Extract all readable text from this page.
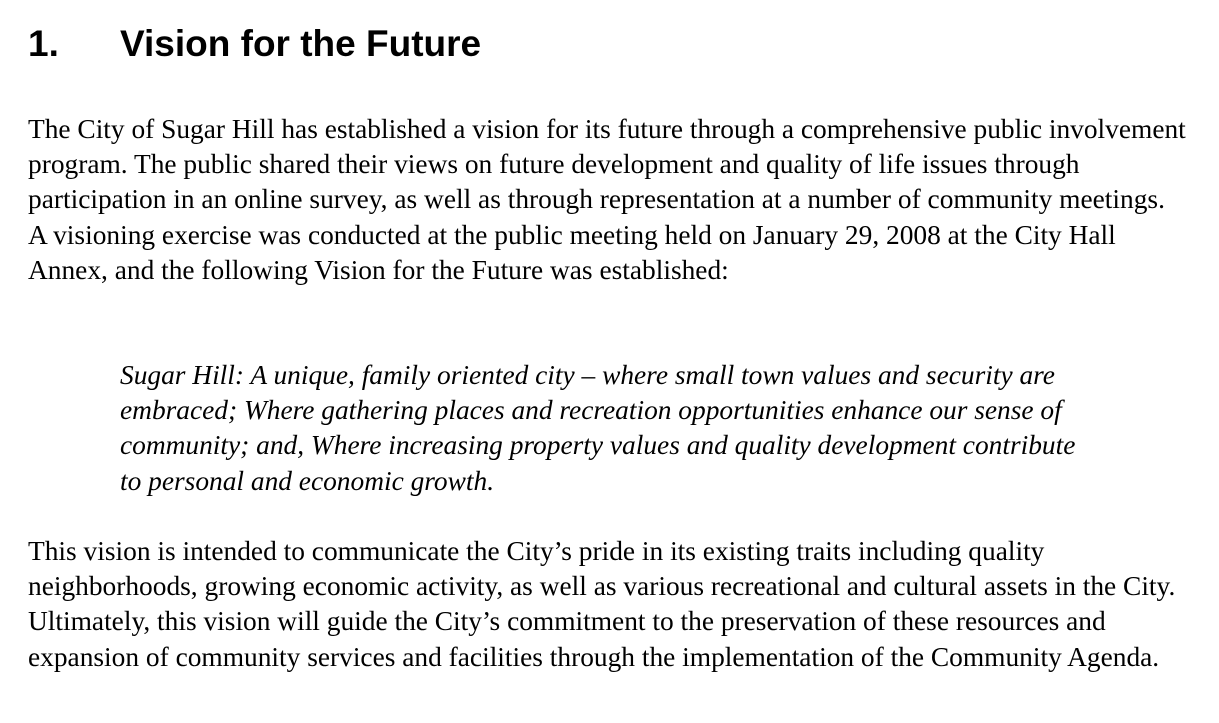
1. Vision for the Future

The City of Sugar Hill has established a vision for its future through a comprehensive public involvement program. The public shared their views on future development and quality of life issues through participation in an online survey, as well as through representation at a number of community meetings. A visioning exercise was conducted at the public meeting held on January 29, 2008 at the City Hall Annex, and the following Vision for the Future was established:

Sugar Hill: A unique, family oriented city – where small town values and security are embraced; Where gathering places and recreation opportunities enhance our sense of community; and, Where increasing property values and quality development contribute to personal and economic growth.

This vision is intended to communicate the City’s pride in its existing traits including quality neighborhoods, growing economic activity, as well as various recreational and cultural assets in the City. Ultimately, this vision will guide the City’s commitment to the preservation of these resources and expansion of community services and facilities through the implementation of the Community Agenda.
